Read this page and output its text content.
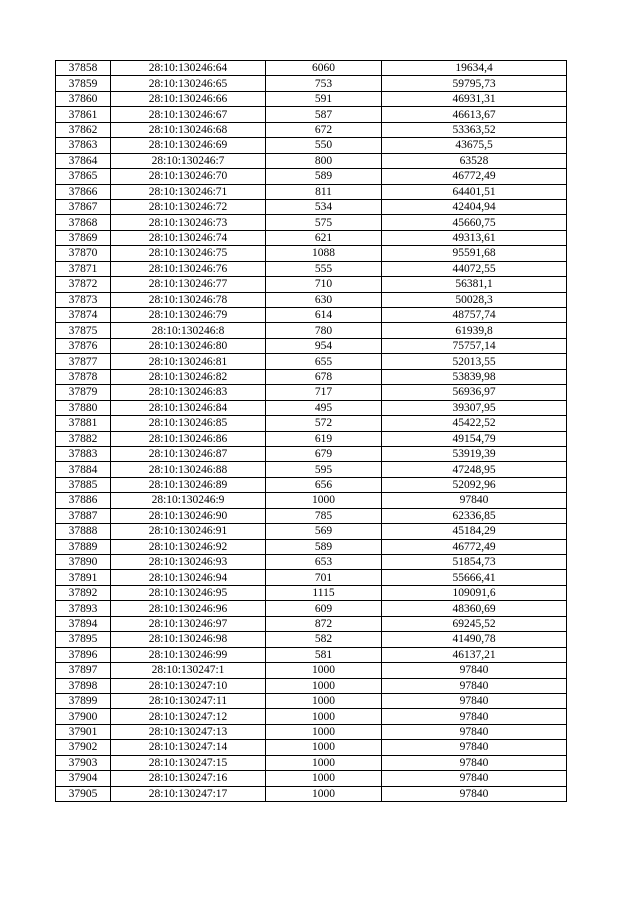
37858	28:10:130246:64	6060	19634,4
37859	28:10:130246:65	753	59795,73
37860	28:10:130246:66	591	46931,31
37861	28:10:130246:67	587	46613,67
37862	28:10:130246:68	672	53363,52
37863	28:10:130246:69	550	43675,5
37864	28:10:130246:7	800	63528
37865	28:10:130246:70	589	46772,49
37866	28:10:130246:71	811	64401,51
37867	28:10:130246:72	534	42404,94
37868	28:10:130246:73	575	45660,75
37869	28:10:130246:74	621	49313,61
37870	28:10:130246:75	1088	95591,68
37871	28:10:130246:76	555	44072,55
37872	28:10:130246:77	710	56381,1
37873	28:10:130246:78	630	50028,3
37874	28:10:130246:79	614	48757,74
37875	28:10:130246:8	780	61939,8
37876	28:10:130246:80	954	75757,14
37877	28:10:130246:81	655	52013,55
37878	28:10:130246:82	678	53839,98
37879	28:10:130246:83	717	56936,97
37880	28:10:130246:84	495	39307,95
37881	28:10:130246:85	572	45422,52
37882	28:10:130246:86	619	49154,79
37883	28:10:130246:87	679	53919,39
37884	28:10:130246:88	595	47248,95
37885	28:10:130246:89	656	52092,96
37886	28:10:130246:9	1000	97840
37887	28:10:130246:90	785	62336,85
37888	28:10:130246:91	569	45184,29
37889	28:10:130246:92	589	46772,49
37890	28:10:130246:93	653	51854,73
37891	28:10:130246:94	701	55666,41
37892	28:10:130246:95	1115	109091,6
37893	28:10:130246:96	609	48360,69
37894	28:10:130246:97	872	69245,52
37895	28:10:130246:98	582	41490,78
37896	28:10:130246:99	581	46137,21
37897	28:10:130247:1	1000	97840
37898	28:10:130247:10	1000	97840
37899	28:10:130247:11	1000	97840
37900	28:10:130247:12	1000	97840
37901	28:10:130247:13	1000	97840
37902	28:10:130247:14	1000	97840
37903	28:10:130247:15	1000	97840
37904	28:10:130247:16	1000	97840
37905	28:10:130247:17	1000	97840
